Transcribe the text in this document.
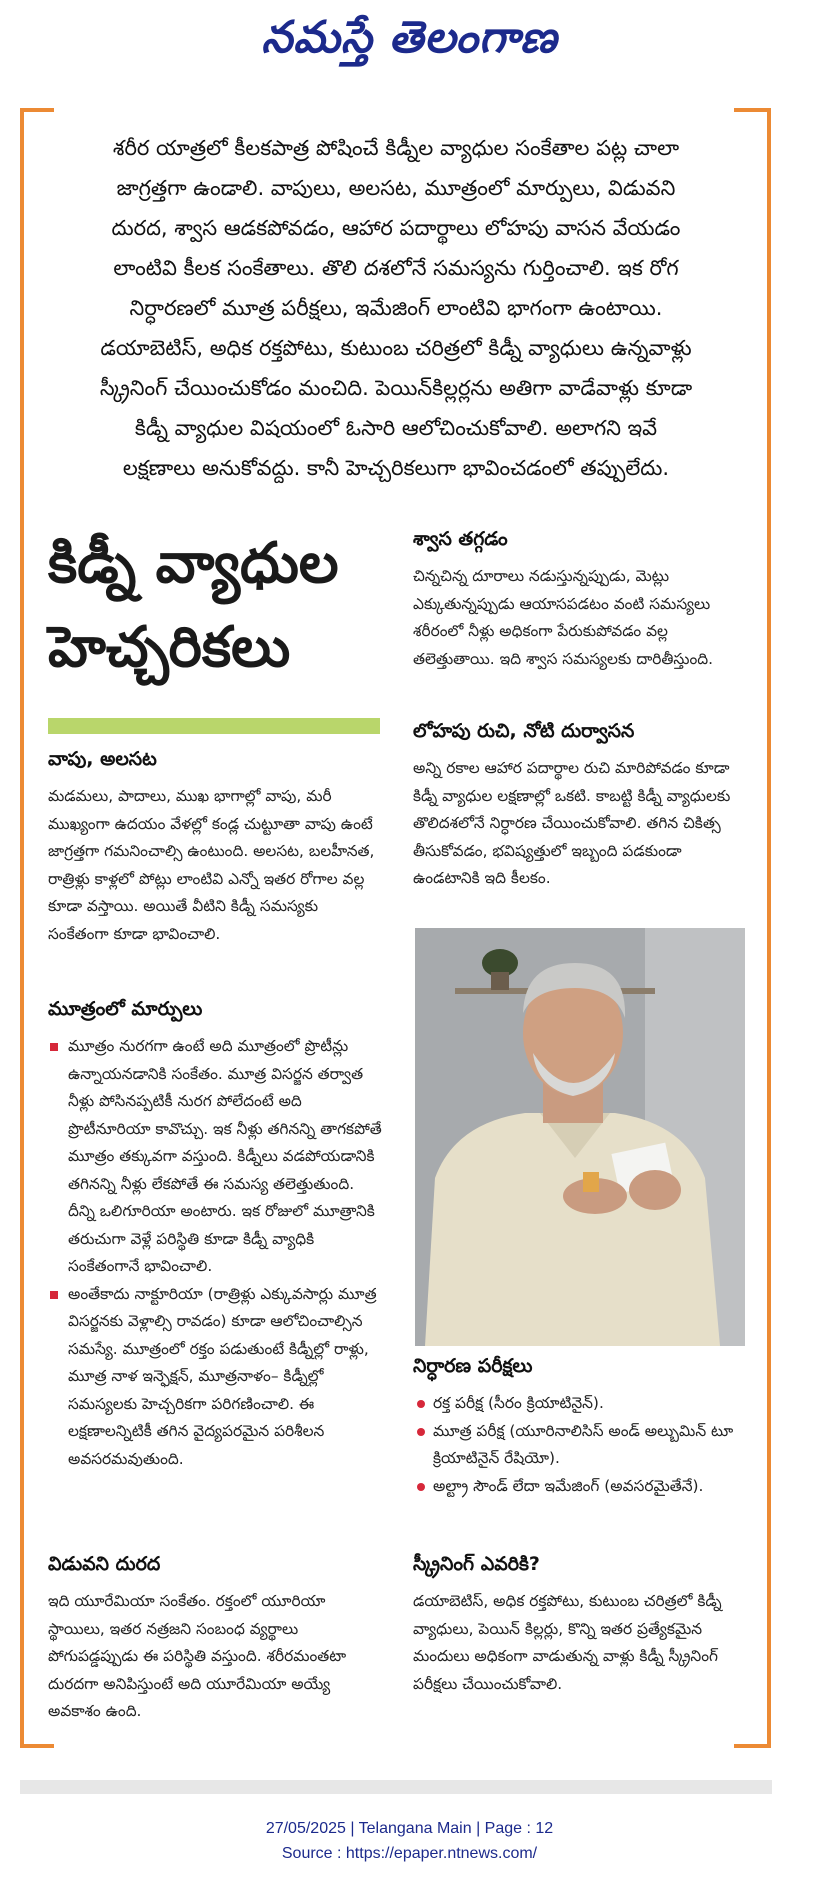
నమస్తే తెలంగాణ

శరీర యాత్రలో కీలకపాత్ర పోషించే కిడ్నీల వ్యాధుల సంకేతాల పట్ల చాలా

జాగ్రత్తగా ఉండాలి. వాపులు, అలసట, మూత్రంలో మార్పులు, విడువని

దురద, శ్వాస ఆడకపోవడం, ఆహార పదార్థాలు లోహపు వాసన వేయడం

లాంటివి కీలక సంకేతాలు. తొలి దశలోనే సమస్యను గుర్తించాలి. ఇక రోగ

నిర్ధారణలో మూత్ర పరీక్షలు, ఇమేజింగ్ లాంటివి భాగంగా ఉంటాయి.

డయాబెటిస్, అధిక రక్తపోటు, కుటుంబ చరిత్రలో కిడ్నీ వ్యాధులు ఉన్నవాళ్లు

స్క్రీనింగ్ చేయించుకోడం మంచిది. పెయిన్‌కిల్లర్లను అతిగా వాడేవాళ్లు కూడా

కిడ్నీ వ్యాధుల విషయంలో ఓసారి ఆలోచించుకోవాలి. అలాగని ఇవే

లక్షణాలు అనుకోవద్దు. కానీ హెచ్చరికలుగా భావించడంలో తప్పులేదు.

కిడ్నీ వ్యాధుల
హెచ్చరికలు
వాపు, అలసట

మడమలు, పాదాలు, ముఖ భాగాల్లో వాపు, మరీ ముఖ్యంగా ఉదయం వేళల్లో కండ్ల చుట్టూతా వాపు ఉంటే జాగ్రత్తగా గమనించాల్సి ఉంటుంది. అలసట, బలహీనత, రాత్రిళ్లు కాళ్లలో పోట్లు లాంటివి ఎన్నో ఇతర రోగాల వల్ల కూడా వస్తాయి. అయితే వీటిని కిడ్నీ సమస్యకు సంకేతంగా కూడా భావించాలి.

మూత్రంలో మార్పులు
మూత్రం నురగగా ఉంటే అది మూత్రంలో ప్రొటీన్లు ఉన్నాయనడానికి సంకేతం. మూత్ర విసర్జన తర్వాత నీళ్లు పోసినప్పటికీ నురగ పోలేదంటే అది ప్రొటీనూరియా కావొచ్చు. ఇక నీళ్లు తగినన్ని తాగకపోతే మూత్రం తక్కువగా వస్తుంది. కిడ్నీలు వడపోయడానికి తగినన్ని నీళ్లు లేకపోతే ఈ సమస్య తలెత్తుతుంది. దీన్ని ఒలిగూరియా అంటారు. ఇక రోజులో మూత్రానికి తరుచుగా వెళ్లే పరిస్థితి కూడా కిడ్నీ వ్యాధికి సంకేతంగానే భావించాలి.
అంతేకాదు నాక్టూరియా (రాత్రిళ్లు ఎక్కువసార్లు మూత్ర విసర్జనకు వెళ్లాల్సి రావడం) కూడా ఆలోచించాల్సిన సమస్యే. మూత్రంలో రక్తం పడుతుంటే కిడ్నీల్లో రాళ్లు, మూత్ర నాళ ఇన్ఫెక్షన్, మూత్రనాళం– కిడ్నీల్లో సమస్యలకు హెచ్చరికగా పరిగణించాలి. ఈ లక్షణాలన్నిటికీ తగిన వైద్యపరమైన పరిశీలన అవసరమవుతుంది.
విడువని దురద

ఇది యూరేమియా సంకేతం. రక్తంలో యూరియా స్థాయిలు, ఇతర నత్రజని సంబంధ వ్యర్థాలు పోగుపడ్డప్పుడు ఈ పరిస్థితి వస్తుంది. శరీరమంతటా దురదగా అనిపిస్తుంటే అది యూరేమియా అయ్యే అవకాశం ఉంది.

శ్వాస తగ్గడం

చిన్నచిన్న దూరాలు నడుస్తున్నప్పుడు, మెట్లు ఎక్కుతున్నప్పుడు ఆయాసపడటం వంటి సమస్యలు శరీరంలో నీళ్లు అధికంగా పేరుకుపోవడం వల్ల తలెత్తుతాయి. ఇది శ్వాస సమస్యలకు దారితీస్తుంది.

లోహపు రుచి, నోటి దుర్వాసన

అన్ని రకాల ఆహార పదార్థాల రుచి మారిపోవడం కూడా కిడ్నీ వ్యాధుల లక్షణాల్లో ఒకటి. కాబట్టి కిడ్నీ వ్యాధులకు తొలిదశలోనే నిర్ధారణ చేయించుకోవాలి. తగిన చికిత్స తీసుకోవడం, భవిష్యత్తులో ఇబ్బంది పడకుండా ఉండటానికి ఇది కీలకం.

నిర్ధారణ పరీక్షలు
రక్త పరీక్ష (సీరం క్రియాటినైన్).
మూత్ర పరీక్ష (యూరినాలిసిస్ అండ్ అల్బుమిన్ టూ క్రియాటినైన్ రేషియో).
అల్ట్రా సౌండ్ లేదా ఇమేజింగ్ (అవసరమైతేనే).
స్క్రీనింగ్ ఎవరికి?

డయాబెటిస్, అధిక రక్తపోటు, కుటుంబ చరిత్రలో కిడ్నీ వ్యాధులు, పెయిన్ కిల్లర్లు, కొన్ని ఇతర ప్రత్యేకమైన మందులు అధికంగా వాడుతున్న వాళ్లు కిడ్నీ స్క్రీనింగ్ పరీక్షలు చేయించుకోవాలి.

27/05/2025 | Telangana Main | Page : 12
Source : https://epaper.ntnews.com/
